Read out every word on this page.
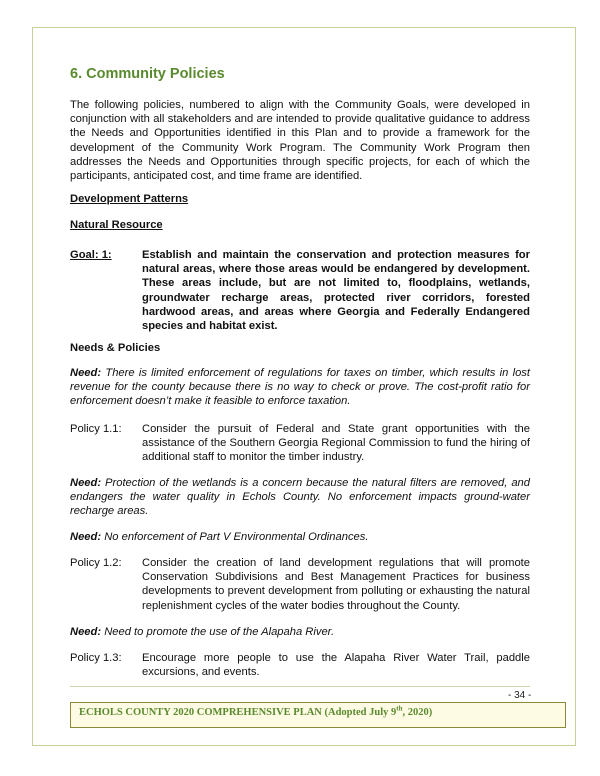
6. Community Policies

The following policies, numbered to align with the Community Goals, were developed in conjunction with all stakeholders and are intended to provide qualitative guidance to address the Needs and Opportunities identified in this Plan and to provide a framework for the development of the Community Work Program. The Community Work Program then addresses the Needs and Opportunities through specific projects, for each of which the participants, anticipated cost, and time frame are identified.

Development Patterns
Natural Resource
Goal: 1:	Establish and maintain the conservation and protection measures for natural areas, where those areas would be endangered by development. These areas include, but are not limited to, floodplains, wetlands, groundwater recharge areas, protected river corridors, forested hardwood areas, and areas where Georgia and Federally Endangered species and habitat exist.
Needs & Policies
Need: There is limited enforcement of regulations for taxes on timber, which results in lost revenue for the county because there is no way to check or prove. The cost-profit ratio for enforcement doesn’t make it feasible to enforce taxation.
Policy 1.1:	Consider the pursuit of Federal and State grant opportunities with the assistance of the Southern Georgia Regional Commission to fund the hiring of additional staff to monitor the timber industry.
Need: Protection of the wetlands is a concern because the natural filters are removed, and endangers the water quality in Echols County. No enforcement impacts ground-water recharge areas.
Need: No enforcement of Part V Environmental Ordinances.
Policy 1.2:	Consider the creation of land development regulations that will promote Conservation Subdivisions and Best Management Practices for business developments to prevent development from polluting or exhausting the natural replenishment cycles of the water bodies throughout the County.
Need: Need to promote the use of the Alapaha River.
Policy 1.3:	Encourage more people to use the Alapaha River Water Trail, paddle excursions, and events.
- 34 -
ECHOLS COUNTY 2020 COMPREHENSIVE PLAN (Adopted July 9th, 2020)
